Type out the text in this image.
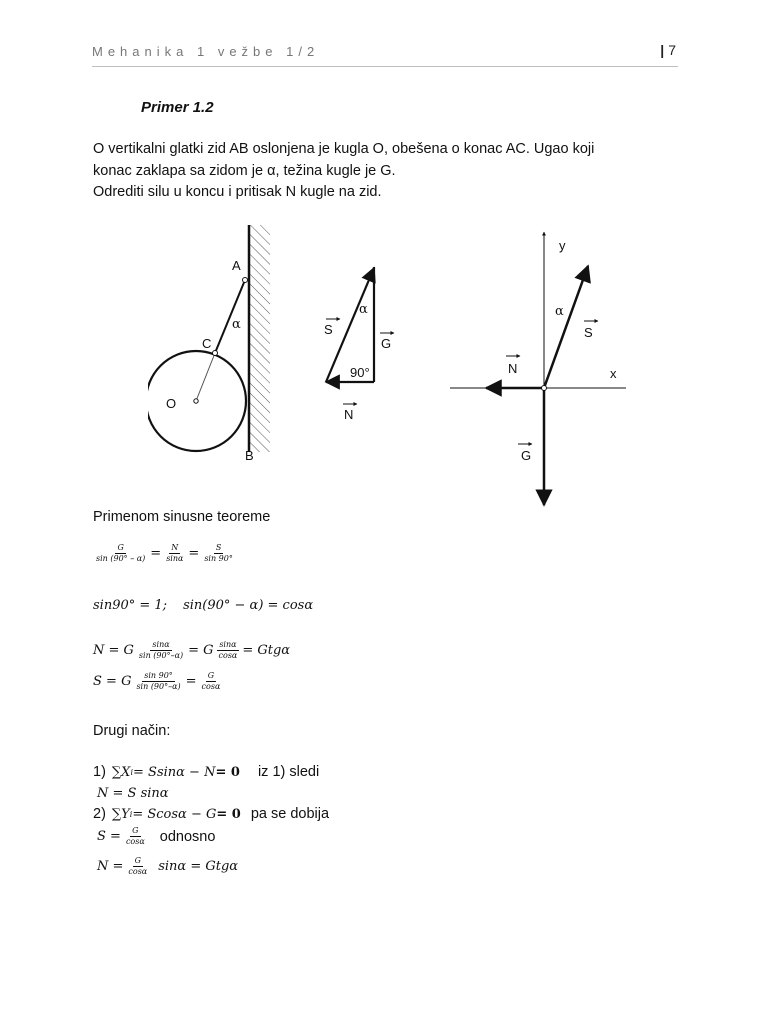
Mehanika 1 vežbe 1/2	| 7
Primer 1.2
O vertikalni glatki zid AB oslonjena je kugla O, obešena o konac AC. Ugao koji
konac zaklapa sa zidom je α, težina kugle je G.
Odrediti silu u koncu i pritisak N kugle na zid.
A
B
C
O
α
α
90°
S
G
N
y
x
α
S
N
G
Primenom sinusne teoreme
$\frac{G}{\sin (90^\circ - \alpha)} = \frac{N}{\sin\alpha} = \frac{S}{\sin 90^\circ}$
sin90° = 1; sin(90° − α) = cosα
N = G $\frac{\sin\alpha}{\sin (90^\circ-\alpha)} = G \frac{\sin\alpha}{\cos\alpha} = Gtg\alpha$
S = G $\frac{\sin 90^\circ}{\sin (90^\circ-\alpha)} = \frac{G}{\cos\alpha}$
Drugi način:
1) ∑X i = Ssinα − N = 0 iz 1) sledi
N = S sinα
2) ∑Y i = Scosα − G = 0 pa se dobija
$S = \frac{G}{\cos\alpha}$ odnosno
$N = \frac{G}{\cos\alpha}$ sinα = Gtgα
